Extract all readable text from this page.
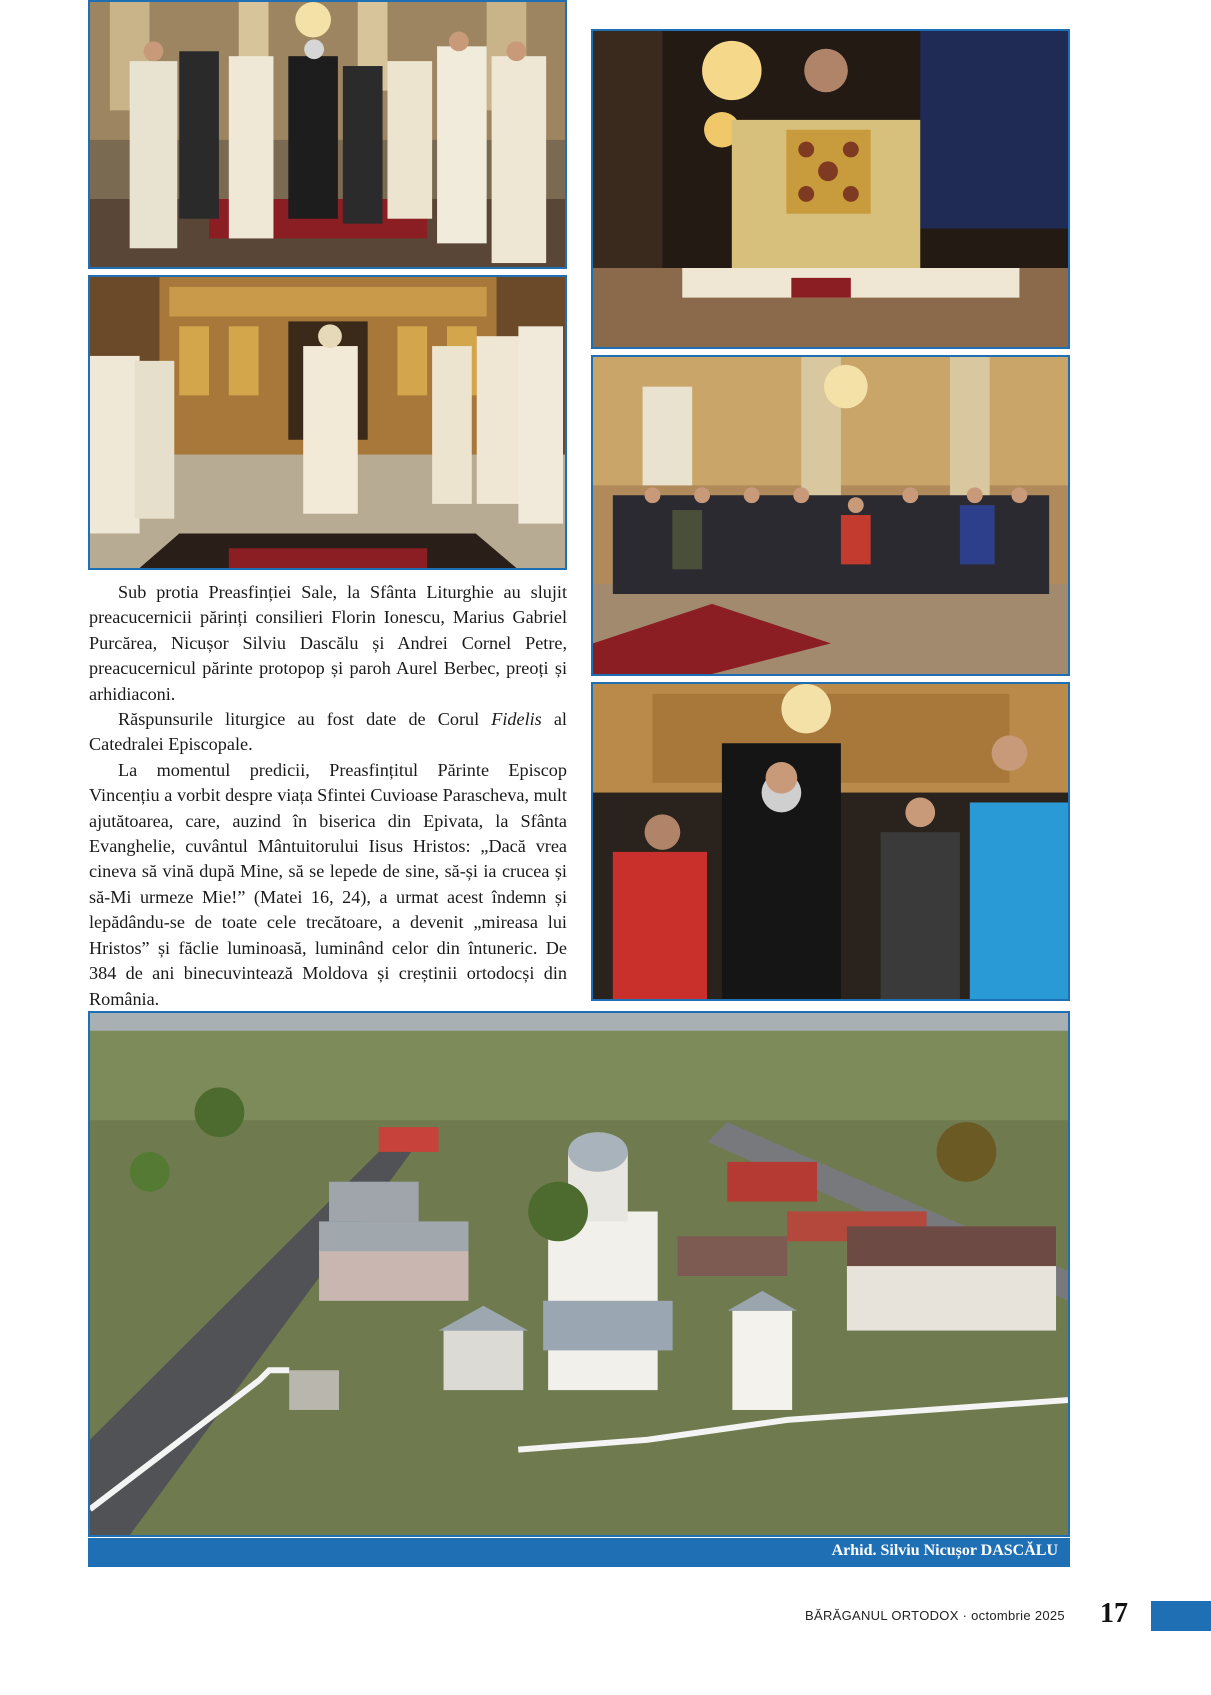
Sub protia Preasfinției Sale, la Sfânta Liturghie au slujit preacucernicii părinți consilieri Florin Ionescu, Marius Gabriel Purcărea, Nicușor Silviu Dascălu și Andrei Cornel Petre, preacucernicul părinte protopop și paroh Aurel Berbec, preoți și arhidiaconi.

Răspunsurile liturgice au fost date de Corul Fidelis al Catedralei Episcopale.

La momentul predicii, Preasfințitul Părinte Episcop Vincențiu a vorbit despre viața Sfintei Cuvioase Parascheva, mult ajutătoarea, care, auzind în biserica din Epivata, la Sfânta Evanghelie, cuvântul Mântuitorului Iisus Hristos: „Dacă vrea cineva să vină după Mine, să se lepede de sine, să-și ia crucea și să-Mi urmeze Mie!” (Matei 16, 24), a urmat acest îndemn și lepădându-se de toate cele trecătoare, a devenit „mireasa lui Hristos” și făclie luminoasă, luminând celor din întuneric. De 384 de ani binecuvintează Moldova și creștinii ortodocși din România.

Arhid. Silviu Nicușor DASCĂLU
BĂRĂGANUL ORTODOX · octombrie 2025 17
